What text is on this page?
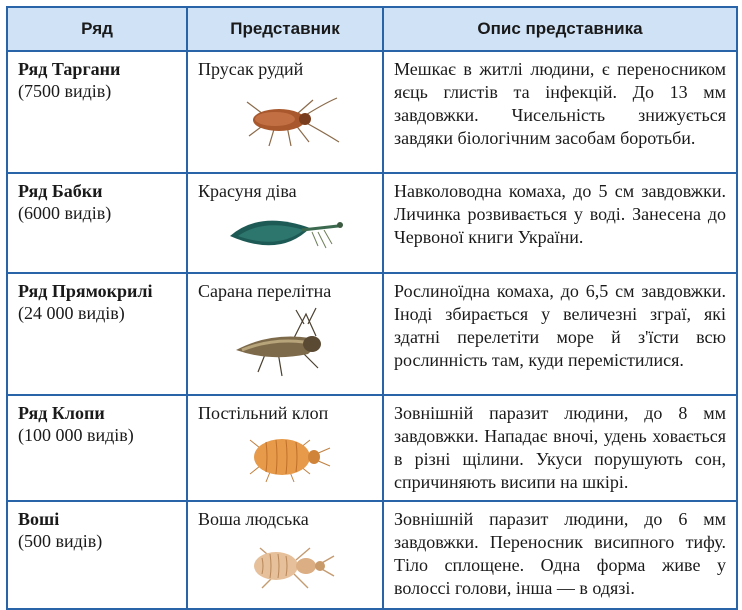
Ряд	Представник	Опис представника

Ряд Таргани
(7500 видів)	Прусак рудий	Мешкає в житлі людини, є переносником яєць глистів та інфекцій. До 13 мм завдовжки. Чисельність знижується завдяки біологічним засобам боротьби.

Ряд Бабки
(6000 видів)	Красуня діва	Навколоводна комаха, до 5 см завдовжки. Личинка розвивається у воді. Занесена до Червоної книги України.

Ряд Прямокрилі
(24 000 видів)	Сарана перелітна	Рослиноїдна комаха, до 6,5 см завдовжки. Іноді збирається у величезні зграї, які здатні перелетіти море й з'їсти всю рослинність там, куди перемістилися.

Ряд Клопи
(100 000 видів)	Постільний клоп	Зовнішній паразит людини, до 8 мм завдовжки. Нападає вночі, удень ховається в різні щілини. Укуси порушують сон, спричиняють висипи на шкірі.

Воші
(500 видів)	Воша людська	Зовнішній паразит людини, до 6 мм завдовжки. Переносник висипного тифу. Тіло сплощене. Одна форма живе у волоссі голови, інша — в одязі.
